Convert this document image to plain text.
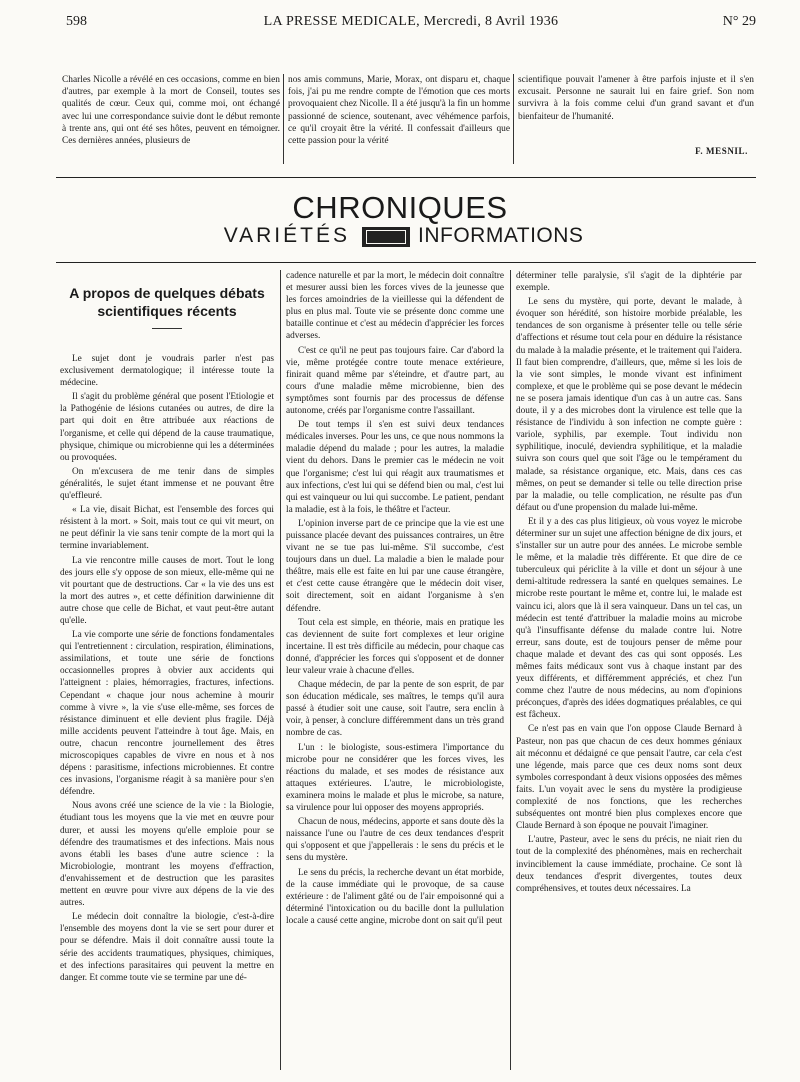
598	LA PRESSE MEDICALE, Mercredi, 8 Avril 1936	N° 29
Charles Nicolle a révélé en ces occasions, comme en bien d'autres, par exemple à la mort de Conseil, toutes ses qualités de cœur. Ceux qui, comme moi, ont échangé avec lui une correspondance suivie dont le début remonte à trente ans, qui ont été ses hôtes, peuvent en témoigner. Ces dernières années, plusieurs de
nos amis communs, Marie, Morax, ont disparu et, chaque fois, j'ai pu me rendre compte de l'émotion que ces morts provoquaient chez Nicolle. Il a été jusqu'à la fin un homme passionné de science, soutenant, avec véhémence parfois, ce qu'il croyait être la vérité. Il confessait d'ailleurs que cette passion pour la vérité
scientifique pouvait l'amener à être parfois injuste et il s'en excusait. Personne ne saurait lui en faire grief. Son nom survivra à la fois comme celui d'un grand savant et d'un bienfaiteur de l'humanité.
F. MESNIL.
CHRONIQUES
VARIÉTÉS	INFORMATIONS
A propos de quelques débats scientifiques récents

Le sujet dont je voudrais parler n'est pas exclusivement dermatologique; il intéresse toute la médecine.

Il s'agit du problème général que posent l'Etiologie et la Pathogénie de lésions cutanées ou autres, de dire la part qui doit en être attribuée aux réactions de l'organisme, et celle qui dépend de la cause traumatique, physique, chimique ou microbienne qui les a déterminées ou provoquées.

On m'excusera de me tenir dans de simples généralités, le sujet étant immense et ne pouvant être qu'effleuré.

« La vie, disait Bichat, est l'ensemble des forces qui résistent à la mort. » Soit, mais tout ce qui vit meurt, on ne peut définir la vie sans tenir compte de la mort qui la termine invariablement.

La vie rencontre mille causes de mort. Tout le long des jours elle s'y oppose de son mieux, elle-même qui ne vit pourtant que de destructions. Car « la vie des uns est la mort des autres », et cette définition darwinienne dit autre chose que celle de Bichat, et vaut peut-être autant qu'elle.

La vie comporte une série de fonctions fondamentales qui l'entretiennent : circulation, respiration, éliminations, assimilations, et toute une série de fonctions occasionnelles propres à obvier aux accidents qui l'atteignent : plaies, hémorragies, fractures, infections. Cependant « chaque jour nous achemine à mourir comme à vivre », la vie s'use elle-même, ses forces de résistance diminuent et elle devient plus fragile. Déjà mille accidents peuvent l'atteindre à tout âge. Mais, en outre, chacun rencontre journellement des êtres microscopiques capables de vivre en nous et à nos dépens : parasitisme, infections microbiennes. Et contre ces invasions, l'organisme réagit à sa manière pour s'en défendre.

Nous avons créé une science de la vie : la Biologie, étudiant tous les moyens que la vie met en œuvre pour durer, et aussi les moyens qu'elle emploie pour se défendre des traumatismes et des infections. Mais nous avons établi les bases d'une autre science : la Microbiologie, montrant les moyens d'effraction, d'envahissement et de destruction que les parasites mettent en œuvre pour vivre aux dépens de la vie des autres.

Le médecin doit connaître la biologie, c'est-à-dire l'ensemble des moyens dont la vie se sert pour durer et pour se défendre. Mais il doit connaître aussi toute la série des accidents traumatiques, physiques, chimiques, et des infections parasitaires qui peuvent la mettre en danger. Et comme toute vie se termine par une dé-

cadence naturelle et par la mort, le médecin doit connaître et mesurer aussi bien les forces vives de la jeunesse que les forces amoindries de la vieillesse qui la défendent de plus en plus mal. Toute vie se présente donc comme une bataille continue et c'est au médecin d'apprécier les forces adverses.

C'est ce qu'il ne peut pas toujours faire. Car d'abord la vie, même protégée contre toute menace extérieure, finirait quand même par s'éteindre, et d'autre part, au cours d'une maladie même microbienne, bien des symptômes sont fournis par des processus de défense autonome, créés par l'organisme contre l'assaillant.

De tout temps il s'en est suivi deux tendances médicales inverses. Pour les uns, ce que nous nommons la maladie dépend du malade ; pour les autres, la maladie vient du dehors. Dans le premier cas le médecin ne voit que l'organisme; c'est lui qui réagit aux traumatismes et aux infections, c'est lui qui se défend bien ou mal, c'est lui qui est vainqueur ou lui qui succombe. Le patient, pendant la maladie, est à la fois, le théâtre et l'acteur.

L'opinion inverse part de ce principe que la vie est une puissance placée devant des puissances contraires, un être vivant ne se tue pas lui-même. S'il succombe, c'est toujours dans un duel. La maladie a bien le malade pour théâtre, mais elle est faite en lui par une cause étrangère, et c'est cette cause étrangère que le médecin doit viser, soit directement, soit en aidant l'organisme à s'en défendre.

Tout cela est simple, en théorie, mais en pratique les cas deviennent de suite fort complexes et leur origine incertaine. Il est très difficile au médecin, pour chaque cas donné, d'apprécier les forces qui s'opposent et de donner leur valeur vraie à chacune d'elles.

Chaque médecin, de par la pente de son esprit, de par son éducation médicale, ses maîtres, le temps qu'il aura passé à étudier soit une cause, soit l'autre, sera enclin à voir, à penser, à conclure différemment dans un très grand nombre de cas.

L'un : le biologiste, sous-estimera l'importance du microbe pour ne considérer que les forces vives, les réactions du malade, et ses modes de résistance aux attaques extérieures. L'autre, le microbiologiste, examinera moins le malade et plus le microbe, sa nature, sa virulence pour lui opposer des moyens appropriés.

Chacun de nous, médecins, apporte et sans doute dès la naissance l'une ou l'autre de ces deux tendances d'esprit qui s'opposent et que j'appellerais : le sens du précis et le sens du mystère.

Le sens du précis, la recherche devant un état morbide, de la cause immédiate qui le provoque, de sa cause extérieure : de l'aliment gâté ou de l'air empoisonné qui a déterminé l'intoxication ou du bacille dont la pullulation locale a causé cette angine, microbe dont on sait qu'il peut

déterminer telle paralysie, s'il s'agit de la diphtérie par exemple.

Le sens du mystère, qui porte, devant le malade, à évoquer son hérédité, son histoire morbide préalable, les tendances de son organisme à présenter telle ou telle série d'affections et résume tout cela pour en déduire la résistance du malade à la maladie présente, et le traitement qui l'aidera. Il faut bien comprendre, d'ailleurs, que, même si les lois de la vie sont simples, le monde vivant est infiniment complexe, et que le problème qui se pose devant le médecin ne se posera jamais identique d'un cas à un autre cas. Sans doute, il y a des microbes dont la virulence est telle que la résistance de l'individu à son infection ne compte guère : variole, syphilis, par exemple. Tout individu non syphilitique, inoculé, deviendra syphilitique, et la maladie suivra son cours quel que soit l'âge ou le tempérament du malade, sa résistance organique, etc. Mais, dans ces cas mêmes, on peut se demander si telle ou telle direction prise par la maladie, ou telle complication, ne résulte pas d'un défaut ou d'une propension du malade lui-même.

Et il y a des cas plus litigieux, où vous voyez le microbe déterminer sur un sujet une affection bénigne de dix jours, et s'installer sur un autre pour des années. Le microbe semble le même, et la maladie très différente. Et que dire de ce tuberculeux qui périclite à la ville et dont un séjour à une demi-altitude redressera la santé en quelques semaines. Le microbe reste pourtant le même et, contre lui, le malade est vaincu ici, alors que là il sera vainqueur. Dans un tel cas, un médecin est tenté d'attribuer la maladie moins au microbe qu'à l'insuffisante défense du malade contre lui. Notre erreur, sans doute, est de toujours penser de même pour chaque malade et devant des cas qui sont opposés. Les mêmes faits médicaux sont vus à chaque instant par des yeux différents, et différemment appréciés, et chez l'un comme chez l'autre de nous médecins, au nom d'opinions préconçues, d'après des idées dogmatiques préalables, ce qui est fâcheux.

Ce n'est pas en vain que l'on oppose Claude Bernard à Pasteur, non pas que chacun de ces deux hommes géniaux ait méconnu et dédaigné ce que pensait l'autre, car cela c'est une légende, mais parce que ces deux noms sont deux symboles correspondant à deux visions opposées des mêmes faits. L'un voyait avec le sens du mystère la prodigieuse complexité de nos fonctions, que les recherches subséquentes ont montré bien plus complexes encore que Claude Bernard à son époque ne pouvait l'imaginer.

L'autre, Pasteur, avec le sens du précis, ne niait rien du tout de la complexité des phénomènes, mais en recherchait invinciblement la cause immédiate, prochaine. Ce sont là deux tendances d'esprit divergentes, toutes deux compréhensives, et toutes deux nécessaires. La
